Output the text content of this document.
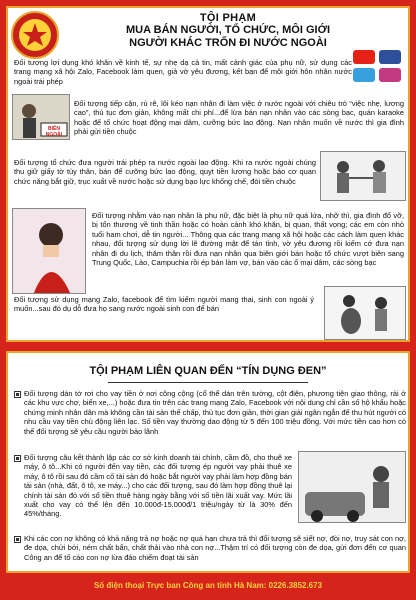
TỘI PHẠM
MUA BÁN NGƯỜI, TỔ CHỨC, MÔI GIỚI
NGƯỜI KHÁC TRỐN ĐI NƯỚC NGOÀI
Đối tượng lợi dụng khó khăn về kinh tế, sự nhẹ dạ cả tin, mất cảnh giác của phụ nữ, sử dụng các trang mạng xã hội Zalo, Facebook làm quen, giả vờ yêu đương, kết bạn để môi giới hôn nhân nước ngoài trái phép
BIÊN NGOÀI
Đối tượng tiếp cận, rủ rê, lôi kéo nạn nhân đi làm việc ở nước ngoài với chiêu trò “việc nhẹ, lương cao”, thủ tục đơn giản, không mất chi phí...để lừa bán nạn nhân vào các sòng bạc, quán karaoke hoặc để tổ chức hoạt động mại dâm, cưỡng bức lao động. Nạn nhân muốn về nước thì gia đình phải gửi tiền chuộc
Đối tượng tổ chức đưa người trái phép ra nước ngoài lao động. Khi ra nước ngoài chúng thu giữ giấy tờ tùy thân, bán để cưỡng bức lao động, quỵt tiền lương hoặc báo cơ quan chức năng bắt giữ, trục xuất về nước hoặc sử dụng bạo lực khống chế, đòi tiền chuộc
Đối tượng nhằm vào nạn nhân là phụ nữ, đặc biệt là phụ nữ quá lứa, nhỡ thì, gia đình đổ vỡ, bị tổn thương về tinh thần hoặc có hoàn cảnh khó khăn, bị quan, thất vọng; các em còn nhỏ tuổi ham chơi, dễ tin người... Thông qua các trang mạng xã hội hoặc các cách làm quen khác nhau, đối tượng sử dụng lời lẽ đường mật để tán tỉnh, vờ yêu đương rồi kiếm cớ đưa nạn nhân đi du lịch, thăm thân rồi đưa nạn nhân qua biên giới bán hoặc tổ chức vượt biên sang Trung Quốc, Lào, Campuchia rồi ép bán làm vợ, bán vào các ổ mại dâm, các sòng bạc
Đối tượng sử dụng mạng Zalo, facebook để tìm kiếm người mang thai, sinh con ngoài ý muốn...sau đó dụ dỗ đưa họ sang nước ngoài sinh con để bán
TỘI PHẠM LIÊN QUAN ĐẾN “TÍN DỤNG ĐEN”
Đối tượng dán tờ rơi cho vay tiền ở nơi công cộng (cổ thể dán trên tường, cột điện, phương tiện giao thông, rải ở các khu vực chợ, biển xe,...) hoặc đưa tin trên các trang mạng Zalo, Facebook với nội dung chỉ cần số hộ khẩu hoặc chứng minh nhân dân mà không cần tài sản thế chấp, thủ tục đơn giản, thời gian giải ngân ngắn để thu hút người có nhu cầu vay tiền chủ động liên lạc. Số tiền vay thường dao động từ 5 đến 100 triệu đồng. Với mức tiền cao hơn có thể đối tượng sẽ yêu cầu người bảo lãnh
Đối tượng câu kết thành lập các cơ sở kinh doanh tài chính, cầm đồ, cho thuê xe máy, ô tô...Khi có người đến vay tiền, các đối tượng ép người vay phải thuê xe máy, ô tô rồi sau đó cầm cố tài sản đó hoặc bắt người vay phải làm hợp đồng bán tài sản (nhà, đất, ô tô, xe máy...) cho các đối tượng, sau đó làm hợp đồng thuê lại chính tài sản đó với số tiền thuê hàng ngày bằng với số tiền lãi xuất vay. Mức lãi xuất cho vay có thể lên đến 10.000đ-15.000đ/1 triệu/ngày từ là 30% đến 45%/tháng.
Khi các con nợ không có khả năng trả nợ hoặc nợ quá hạn chưa trả thì đối tượng sẽ siết nợ, đòi nợ, truy sát con nợ, đe dọa, chửi bới, ném chất bẩn, chất thải vào nhà con nợ...Thậm trí có đối tượng còn đe dọa, gửi đơn đến cơ quan Công an để tố cáo con nợ lừa đảo chiếm đoạt tài sản
Số điện thoại Trực ban Công an tỉnh Hà Nam: 0226.3852.673
